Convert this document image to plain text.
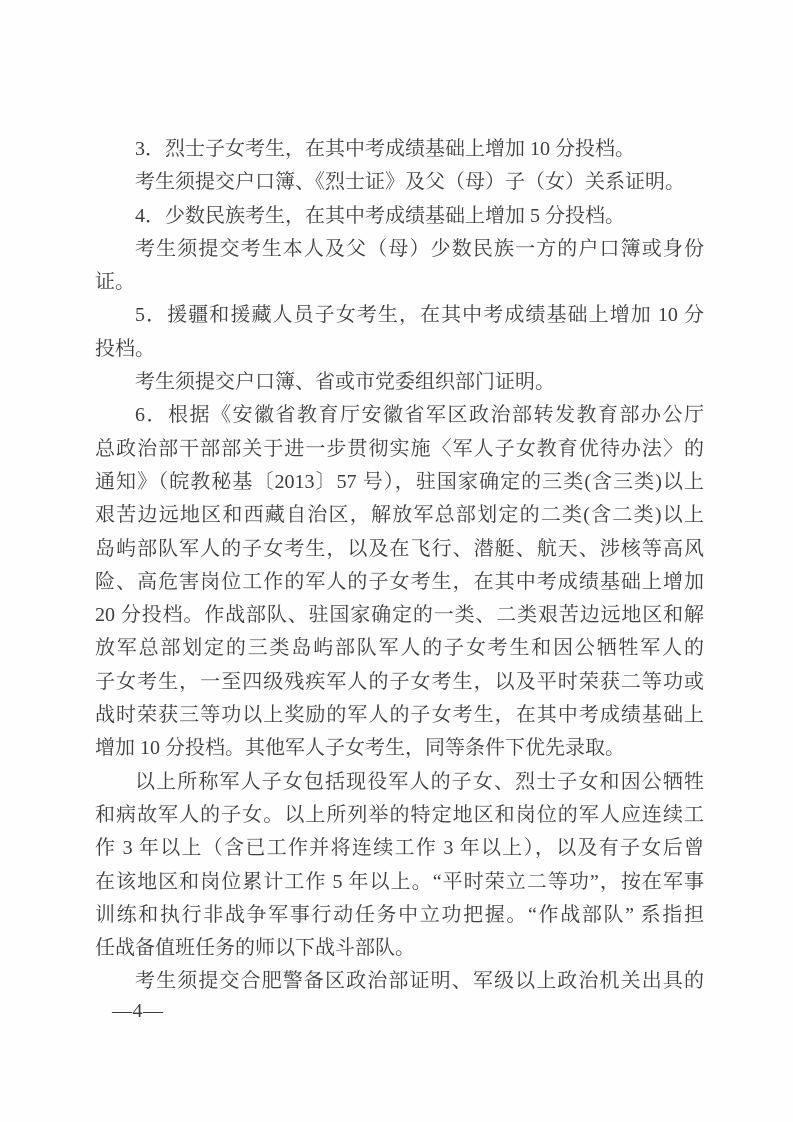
3．烈士子女考生，在其中考成绩基础上增加 10 分投档。
考生须提交户口簿、《烈士证》及父（母）子（女）关系证明。
4．少数民族考生，在其中考成绩基础上增加 5 分投档。
考生须提交考生本人及父（母）少数民族一方的户口簿或身份
证。
5．援疆和援藏人员子女考生，在其中考成绩基础上增加 10 分
投档。
考生须提交户口簿、省或市党委组织部门证明。
6．根据《安徽省教育厅安徽省军区政治部转发教育部办公厅
总政治部干部部关于进一步贯彻实施〈军人子女教育优待办法〉的
通知》（皖教秘基〔2013〕57 号），驻国家确定的三类(含三类)以上
艰苦边远地区和西藏自治区，解放军总部划定的二类(含二类)以上
岛屿部队军人的子女考生，以及在飞行、潜艇、航天、涉核等高风
险、高危害岗位工作的军人的子女考生，在其中考成绩基础上增加
20 分投档。作战部队、驻国家确定的一类、二类艰苦边远地区和解
放军总部划定的三类岛屿部队军人的子女考生和因公牺牲军人的
子女考生，一至四级残疾军人的子女考生，以及平时荣获二等功或
战时荣获三等功以上奖励的军人的子女考生，在其中考成绩基础上
增加 10 分投档。其他军人子女考生，同等条件下优先录取。
以上所称军人子女包括现役军人的子女、烈士子女和因公牺牲
和病故军人的子女。以上所列举的特定地区和岗位的军人应连续工
作 3 年以上（含已工作并将连续工作 3 年以上），以及有子女后曾
在该地区和岗位累计工作 5 年以上。“平时荣立二等功”，按在军事
训练和执行非战争军事行动任务中立功把握。“作战部队” 系指担
任战备值班任务的师以下战斗部队。
考生须提交合肥警备区政治部证明、军级以上政治机关出具的
—4—
